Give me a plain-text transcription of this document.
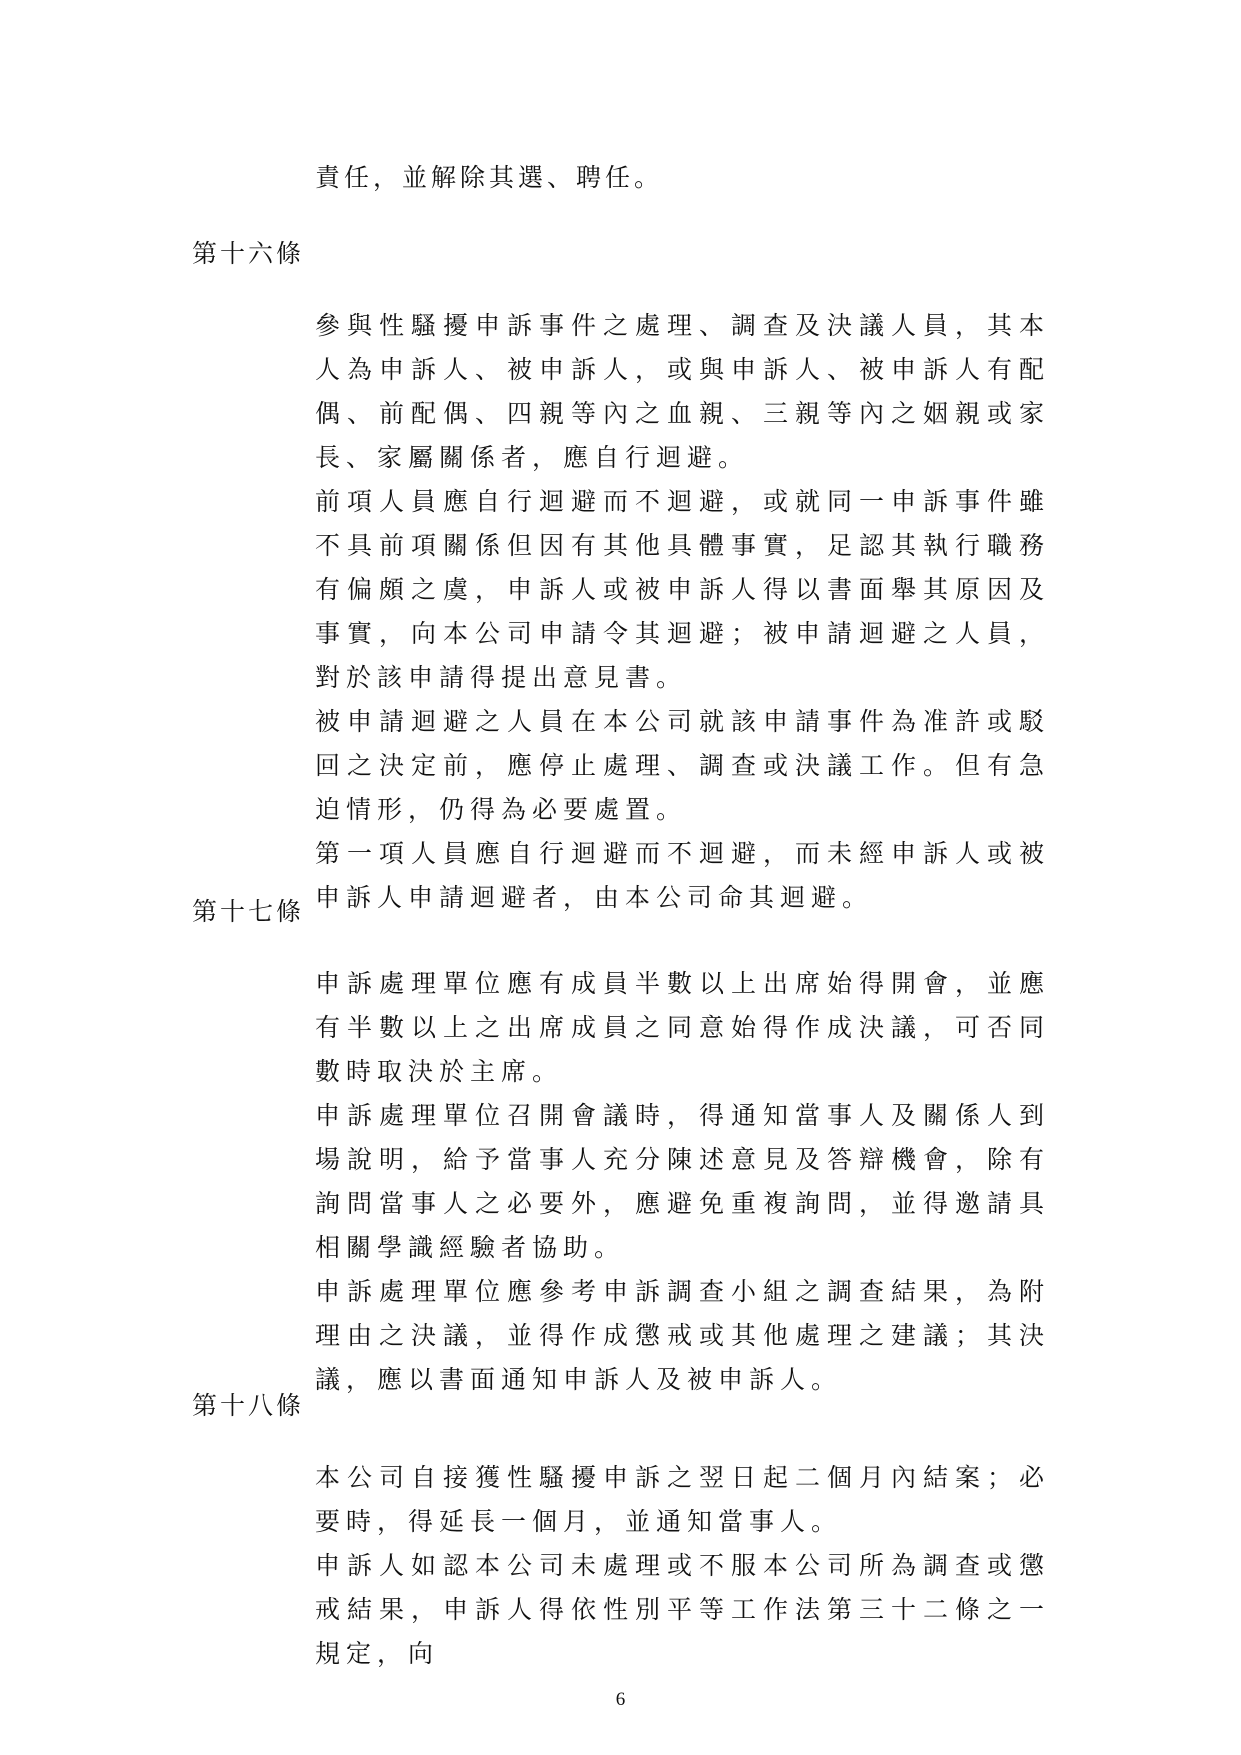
責任，並解除其選、聘任。
第十六條

參與性騷擾申訴事件之處理、調查及決議人員，其本人為申訴人、被申訴人，或與申訴人、被申訴人有配偶、前配偶、四親等內之血親、三親等內之姻親或家長、家屬關係者，應自行迴避。

前項人員應自行迴避而不迴避，或就同一申訴事件雖不具前項關係但因有其他具體事實，足認其執行職務有偏頗之虞，申訴人或被申訴人得以書面舉其原因及事實，向本公司申請令其迴避；被申請迴避之人員，對於該申請得提出意見書。

被申請迴避之人員在本公司就該申請事件為准許或駁回之決定前，應停止處理、調查或決議工作。但有急迫情形，仍得為必要處置。

第一項人員應自行迴避而不迴避，而未經申訴人或被申訴人申請迴避者，由本公司命其迴避。

第十七條

申訴處理單位應有成員半數以上出席始得開會，並應有半數以上之出席成員之同意始得作成決議，可否同數時取決於主席。

申訴處理單位召開會議時，得通知當事人及關係人到場說明，給予當事人充分陳述意見及答辯機會，除有詢問當事人之必要外，應避免重複詢問，並得邀請具相關學識經驗者協助。

申訴處理單位應參考申訴調查小組之調查結果，為附理由之決議，並得作成懲戒或其他處理之建議；其決議，應以書面通知申訴人及被申訴人。

第十八條

本公司自接獲性騷擾申訴之翌日起二個月內結案；必要時，得延長一個月，並通知當事人。

申訴人如認本公司未處理或不服本公司所為調查或懲戒結果，申訴人得依性別平等工作法第三十二條之一規定，向

6
